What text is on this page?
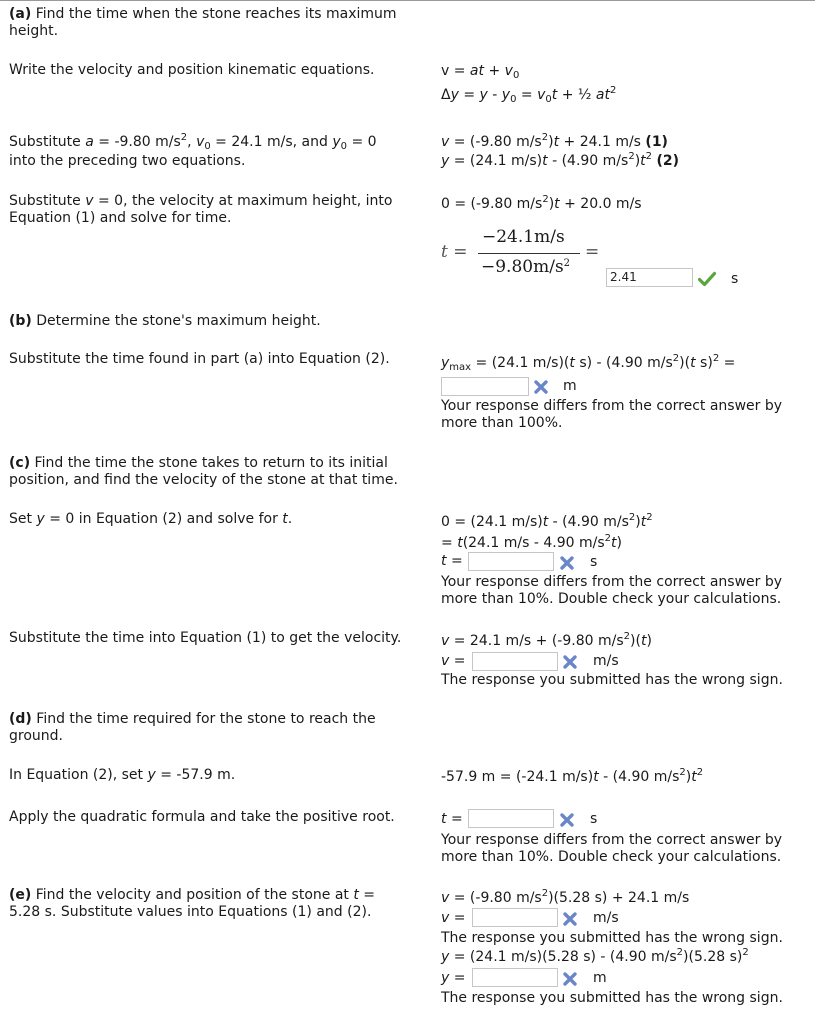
(a) Find the time when the stone reaches its maximum
height.
Write the velocity and position kinematic equations.	v = at + $v_0$
$\Delta y = y - y_0 = v_0t$ + ½ $at^2$
Substitute a = -9.80 $m/s^2$, $v_0 = 24.1$ m/s, and $y_0 = 0$
into the preceding two equations.
v = (-9.80 $m/s^2)t + 24.1$ m/s (1)
y = (24.1 m/s)t - (4.90 $m/s^2)t^2$ (2)
Substitute v = 0, the velocity at maximum height, into
Equation (1) and solve for time.
0 = (-9.80 $m/s^2)t + 20.0$ m/s
t =
−24.1m/s
$-9.80m/s^2$
=
2.41	s
(b) Determine the stone's maximum height.
Substitute the time found in part (a) into Equation (2).	$y_{max} = (24.1$ m/s)(t s) - (4.90 $m/s^2)(t$ s)$^2$ =
m
Your response differs from the correct answer by
more than 100%.
(c) Find the time the stone takes to return to its initial
position, and find the velocity of the stone at that time.
Set y = 0 in Equation (2) and solve for t.	0 = (24.1 m/s)t - (4.90 $m/s^2)t^2$
= t(24.1 m/s - 4.90 $m/s^2t$)
t =	s
Your response differs from the correct answer by
more than 10%. Double check your calculations.
Substitute the time into Equation (1) to get the velocity.	v = 24.1 m/s + (-9.80 $m/s^2)(t)$
v =	m/s
The response you submitted has the wrong sign.
(d) Find the time required for the stone to reach the
ground.
In Equation (2), set y = -57.9 m.	-57.9 m = (-24.1 m/s)t - (4.90 $m/s^2)t^2$
Apply the quadratic formula and take the positive root.	t =	s
Your response differs from the correct answer by
more than 10%. Double check your calculations.
(e) Find the velocity and position of the stone at t =
5.28 s. Substitute values into Equations (1) and (2).
v = (-9.80 $m/s^2)(5.28$ s) + 24.1 m/s
v =	m/s
The response you submitted has the wrong sign.
y = (24.1 m/s)(5.28 s) - (4.90 $m/s^2)(5.28$ s)$^2$
y =	m
The response you submitted has the wrong sign.
